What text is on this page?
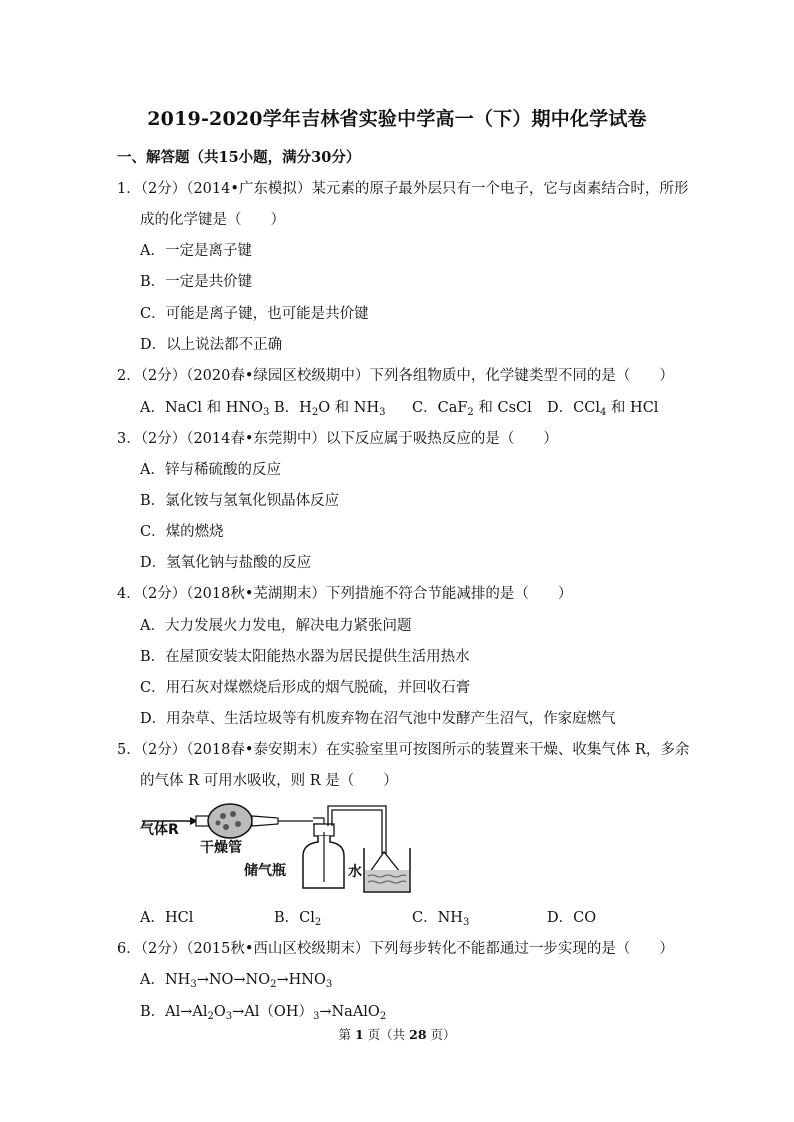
2019-2020学年吉林省实验中学高一（下）期中化学试卷
一、解答题（共15小题，满分30分）
1．（2分）（2014•广东模拟）某元素的原子最外层只有一个电子，它与卤素结合时，所形
成的化学键是（　　）
A．一定是离子键
B．一定是共价键
C．可能是离子键，也可能是共价键
D．以上说法都不正确
2．（2分）（2020春•绿园区校级期中）下列各组物质中，化学键类型不同的是（　　）
A．NaCl 和 $HNO_3$ B．$H_2O$ 和 $NH_3$ C．CaF$_2$ 和 CsCl D．CCl$_4$ 和 HCl
3．（2分）（2014春•东莞期中）以下反应属于吸热反应的是（　　）
A．锌与稀硫酸的反应
B．氯化铵与氢氧化钡晶体反应
C．煤的燃烧
D．氢氧化钠与盐酸的反应
4．（2分）（2018秋•芜湖期末）下列措施不符合节能减排的是（　　）
A．大力发展火力发电，解决电力紧张问题
B．在屋顶安装太阳能热水器为居民提供生活用热水
C．用石灰对煤燃烧后形成的烟气脱硫，并回收石膏
D．用杂草、生活垃圾等有机废弃物在沼气池中发酵产生沼气，作家庭燃气
5．（2分）（2018春•泰安期末）在实验室里可按图所示的装置来干燥、收集气体 R，多余
的气体 R 可用水吸收，则 R 是（　　）
气体R
干燥管
储气瓶	水
A．HCl	B．$Cl_2$	C．$NH_3$	D．CO
6．（2分）（2015秋•西山区校级期末）下列每步转化不能都通过一步实现的是（　　）
A．$NH_3\to NO\to NO_2\to HNO_3$
B．$Al\to Al_2O_3\to Al(OH)_3\to NaAlO_2$
第 1 页（共 28 页）
